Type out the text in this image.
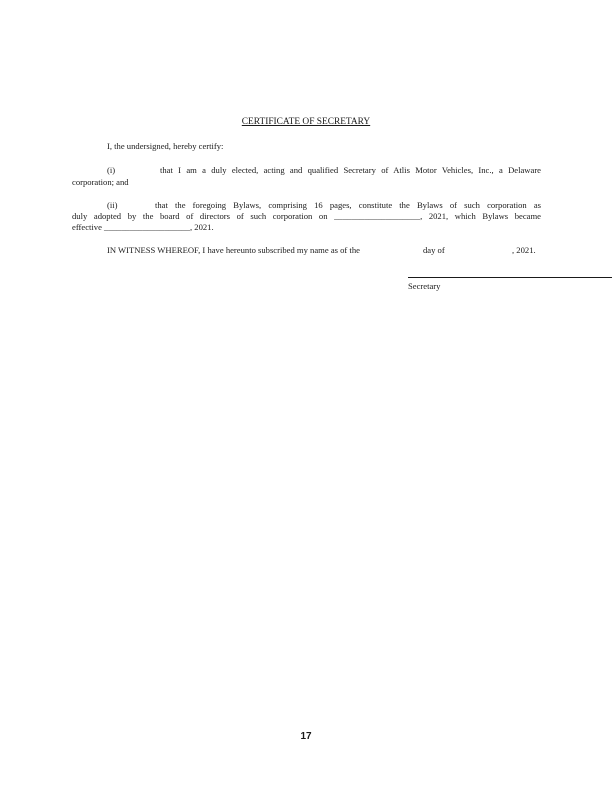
CERTIFICATE OF SECRETARY
I, the undersigned, hereby certify:
(i)	that I am a duly elected, acting and qualified Secretary of Atlis Motor Vehicles, Inc., a Delaware
corporation; and
(ii)	that the foregoing Bylaws, comprising 16 pages, constitute the Bylaws of such corporation as
duly adopted by the board of directors of such corporation on ____________________, 2021, which Bylaws became
effective ____________________, 2021.
IN WITNESS WHEREOF, I have hereunto subscribed my name as of the	day of	, 2021.
Secretary
17
